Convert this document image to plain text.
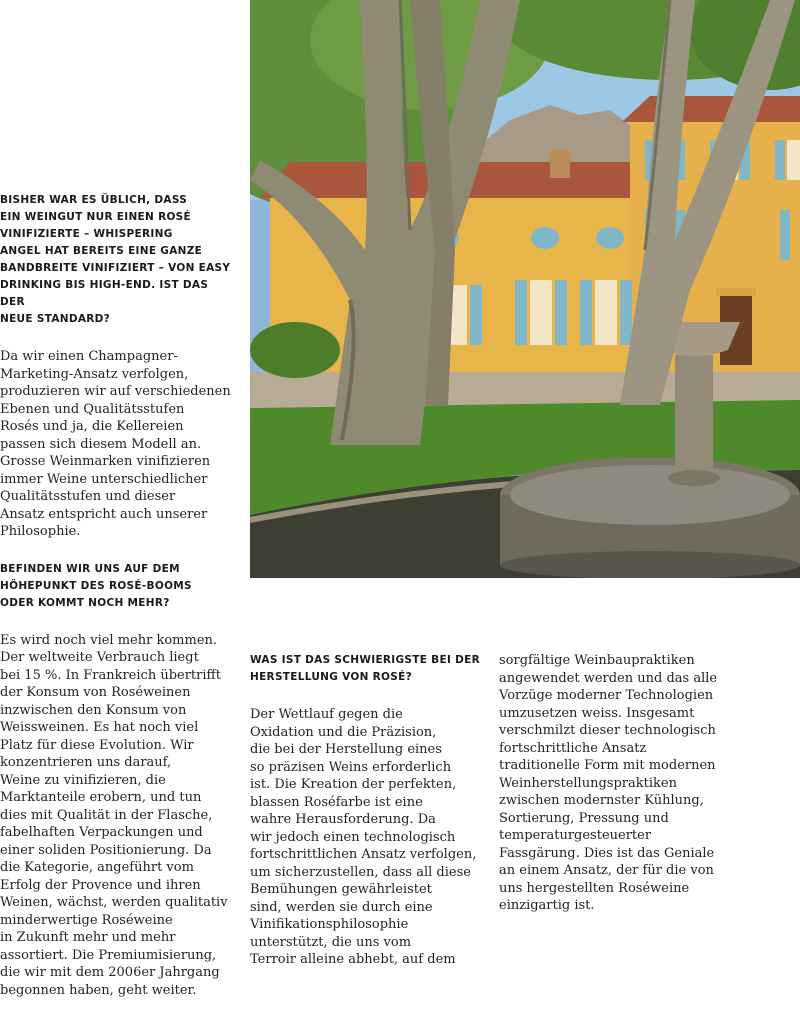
BISHER WAR ES ÜBLICH, DASS
EIN WEINGUT NUR EINEN ROSÉ
VINIFIZIERTE – WHISPERING
ANGEL HAT BEREITS EINE GANZE
BANDBREITE VINIFIZIERT – VON EASY
DRINKING BIS HIGH-END. IST DAS DER
NEUE STANDARD?

Da wir einen Champagner-
Marketing-Ansatz verfolgen,
produzieren wir auf verschiedenen
Ebenen und Qualitätsstufen
Rosés und ja, die Kellereien
passen sich diesem Modell an.
Grosse Weinmarken vinifizieren
immer Weine unterschiedlicher
Qualitätsstufen und dieser
Ansatz entspricht auch unserer
Philosophie.

BEFINDEN WIR UNS AUF DEM
HÖHEPUNKT DES ROSÉ-BOOMS
ODER KOMMT NOCH MEHR?

Es wird noch viel mehr kommen.
Der weltweite Verbrauch liegt
bei 15 %. In Frankreich übertrifft
der Konsum von Roséweinen
inzwischen den Konsum von
Weissweinen. Es hat noch viel
Platz für diese Evolution. Wir
konzentrieren uns darauf,
Weine zu vinifizieren, die
Marktanteile erobern, und tun
dies mit Qualität in der Flasche,
fabelhaften Verpackungen und
einer soliden Positionierung. Da
die Kategorie, angeführt vom
Erfolg der Provence und ihren
Weinen, wächst, werden qualitativ
minderwertige Roséweine
in Zukunft mehr und mehr
assortiert. Die Premiumisierung,
die wir mit dem 2006er Jahrgang
begonnen haben, geht weiter.

WAS IST DAS SCHWIERIGSTE BEI DER
HERSTELLUNG VON ROSÉ?

Der Wettlauf gegen die
Oxidation und die Präzision,
die bei der Herstellung eines
so präzisen Weins erforderlich
ist. Die Kreation der perfekten,
blassen Roséfarbe ist eine
wahre Herausforderung. Da
wir jedoch einen technologisch
fortschrittlichen Ansatz verfolgen,
um sicherzustellen, dass all diese
Bemühungen gewährleistet
sind, werden sie durch eine
Vinifikationsphilosophie
unterstützt, die uns vom
Terroir alleine abhebt, auf dem

sorgfältige Weinbaupraktiken
angewendet werden und das alle
Vorzüge moderner Technologien
umzusetzen weiss. Insgesamt
verschmilzt dieser technologisch
fortschrittliche Ansatz
traditionelle Form mit modernen
Weinherstellungspraktiken
zwischen modernster Kühlung,
Sortierung, Pressung und
temperaturgesteuerter
Fassgärung. Dies ist das Geniale
an einem Ansatz, der für die von
uns hergestellten Roséweine
einzigartig ist.
